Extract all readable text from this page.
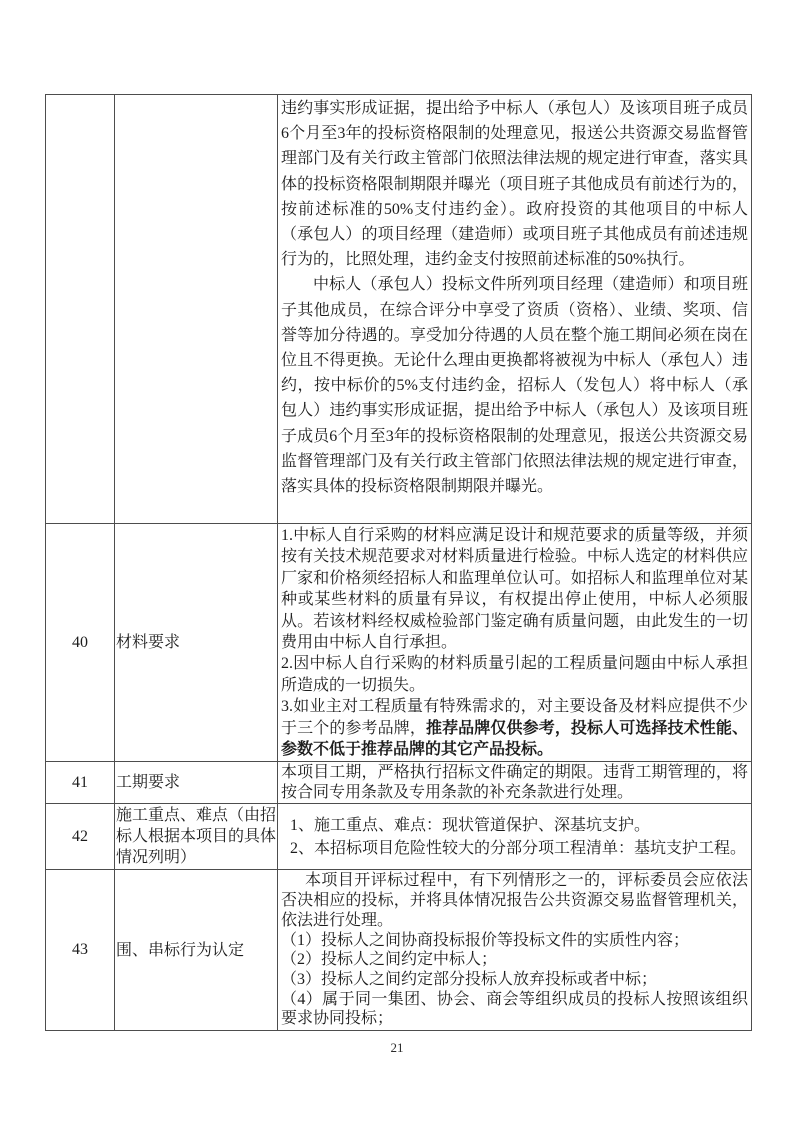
		违约事实形成证据，提出给予中标人（承包人）及该项目班子成员6个月至3年的投标资格限制的处理意见，报送公共资源交易监督管理部门及有关行政主管部门依照法律法规的规定进行审查，落实具体的投标资格限制期限并曝光（项目班子其他成员有前述行为的，按前述标准的50%支付违约金）。政府投资的其他项目的中标人（承包人）的项目经理（建造师）或项目班子其他成员有前述违规行为的，比照处理，违约金支付按照前述标准的50%执行。

中标人（承包人）投标文件所列项目经理（建造师）和项目班子其他成员，在综合评分中享受了资质（资格）、业绩、奖项、信誉等加分待遇的。享受加分待遇的人员在整个施工期间必须在岗在位且不得更换。无论什么理由更换都将被视为中标人（承包人）违约，按中标价的5%支付违约金，招标人（发包人）将中标人（承包人）违约事实形成证据，提出给予中标人（承包人）及该项目班子成员6个月至3年的投标资格限制的处理意见，报送公共资源交易监督管理部门及有关行政主管部门依照法律法规的规定进行审查，落实具体的投标资格限制期限并曝光。

40	材料要求	1.中标人自行采购的材料应满足设计和规范要求的质量等级，并须按有关技术规范要求对材料质量进行检验。中标人选定的材料供应厂家和价格须经招标人和监理单位认可。如招标人和监理单位对某种或某些材料的质量有异议，有权提出停止使用，中标人必须服从。若该材料经权威检验部门鉴定确有质量问题，由此发生的一切费用由中标人自行承担。

2.因中标人自行采购的材料质量引起的工程质量问题由中标人承担所造成的一切损失。

3.如业主对工程质量有特殊需求的，对主要设备及材料应提供不少于三个的参考品牌，推荐品牌仅供参考，投标人可选择技术性能、参数不低于推荐品牌的其它产品投标。

41	工期要求	本项目工期，严格执行招标文件确定的期限。违背工期管理的，将按合同专用条款及专用条款的补充条款进行处理。

42	施工重点、难点（由招标人根据本项目的具体情况列明）	1、施工重点、难点：现状管道保护、深基坑支护。

2、本招标项目危险性较大的分部分项工程清单：基坑支护工程。

43	围、串标行为认定	本项目开评标过程中，有下列情形之一的，评标委员会应依法否决相应的投标，并将具体情况报告公共资源交易监督管理机关，依法进行处理。

（1）投标人之间协商投标报价等投标文件的实质性内容；

（2）投标人之间约定中标人；

（3）投标人之间约定部分投标人放弃投标或者中标；

（4）属于同一集团、协会、商会等组织成员的投标人按照该组织要求协同投标；

21
